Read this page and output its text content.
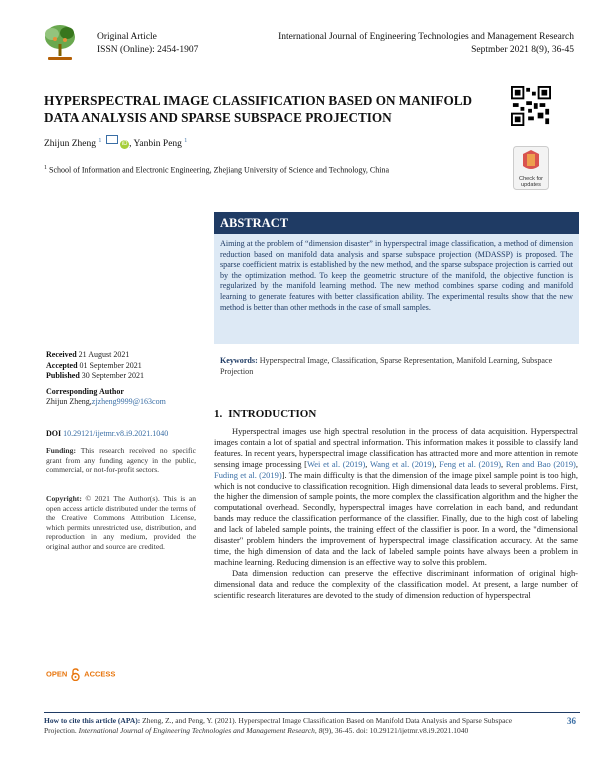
Original Article
ISSN (Online): 2454-1907
International Journal of Engineering Technologies and Management Research
Septmber 2021 8(9), 36-45
HYPERSPECTRAL IMAGE CLASSIFICATION BASED ON MANIFOLD DATA ANALYSIS AND SPARSE SUBSPACE PROJECTION
Zhijun Zheng $^1$  iD , Yanbin Peng $^1$
$^1$ School of Information and Electronic Engineering, Zhejiang University of Science and Technology, China
Check for
updates
ABSTRACT
Aiming at the problem of “dimension disaster” in hyperspectral image classification, a method of dimension reduction based on manifold data analysis and sparse subspace projection (MDASSP) is proposed. The sparse coefficient matrix is established by the new method, and the sparse subspace projection is carried out by the optimization method. To keep the geometric structure of the manifold, the objective function is regularized by the manifold learning method. The new method combines sparse coding and manifold learning to generate features with better classification ability. The experimental results show that the new method is better than other methods in the case of small samples.
Keywords: Hyperspectral Image, Classification, Sparse Representation, Manifold Learning, Subspace Projection
Received 21 August 2021
Accepted 01 September 2021
Published 30 September 2021
Corresponding Author
Zhijun Zheng,zjzheng9999@163com
DOI 10.29121/ijetmr.v8.i9.2021.1040
Funding: This research received no specific grant from any funding agency in the public, commercial, or not-for-profit sectors.
Copyright: © 2021 The Author(s). This is an open access article distributed under the terms of the Creative Commons Attribution License, which permits unrestricted use, distribution, and reproduction in any medium, provided the original author and source are credited.
OPEN ACCESS
1. INTRODUCTION

Hyperspectral images use high spectral resolution in the process of data acquisition. Hyperspectral images contain a lot of spatial and spectral information. This information makes it possible to classify land features. In recent years, hyperspectral image classification has attracted more and more attention in remote sensing image processing [Wei et al. (2019), Wang et al. (2019), Feng et al. (2019), Ren and Bao (2019), Fuding et al. (2019)]. The main difficulty is that the dimension of the image pixel sample point is too high, which is not conducive to classification recognition. High dimensional data leads to several problems. First, the higher the dimension of sample points, the more complex the classification algorithm and the higher the computational overhead. Secondly, hyperspectral images have correlation in each band, and redundant bands may reduce the classification performance of the classifier. Finally, due to the high cost of labeling and lack of labeled sample points, the training effect of the classifier is poor. In a word, the "dimensional disaster" problem hinders the improvement of hyperspectral image classification accuracy. At the same time, the high dimension of data and the lack of labeled sample points have always been a problem in machine learning. Reducing dimension is an effective way to solve this problem.

Data dimension reduction can preserve the effective discriminant information of original high-dimensional data and reduce the complexity of the classification model. At present, a large number of scientific research literatures are devoted to the study of dimension reduction of hyperspectral

How to cite this article (APA): Zheng, Z., and Peng, Y. (2021). Hyperspectral Image Classification Based on Manifold Data Analysis and Sparse Subspace Projection. International Journal of Engineering Technologies and Management Research, 8(9), 36-45. doi: 10.29121/ijetmr.v8.i9.2021.1040
36
